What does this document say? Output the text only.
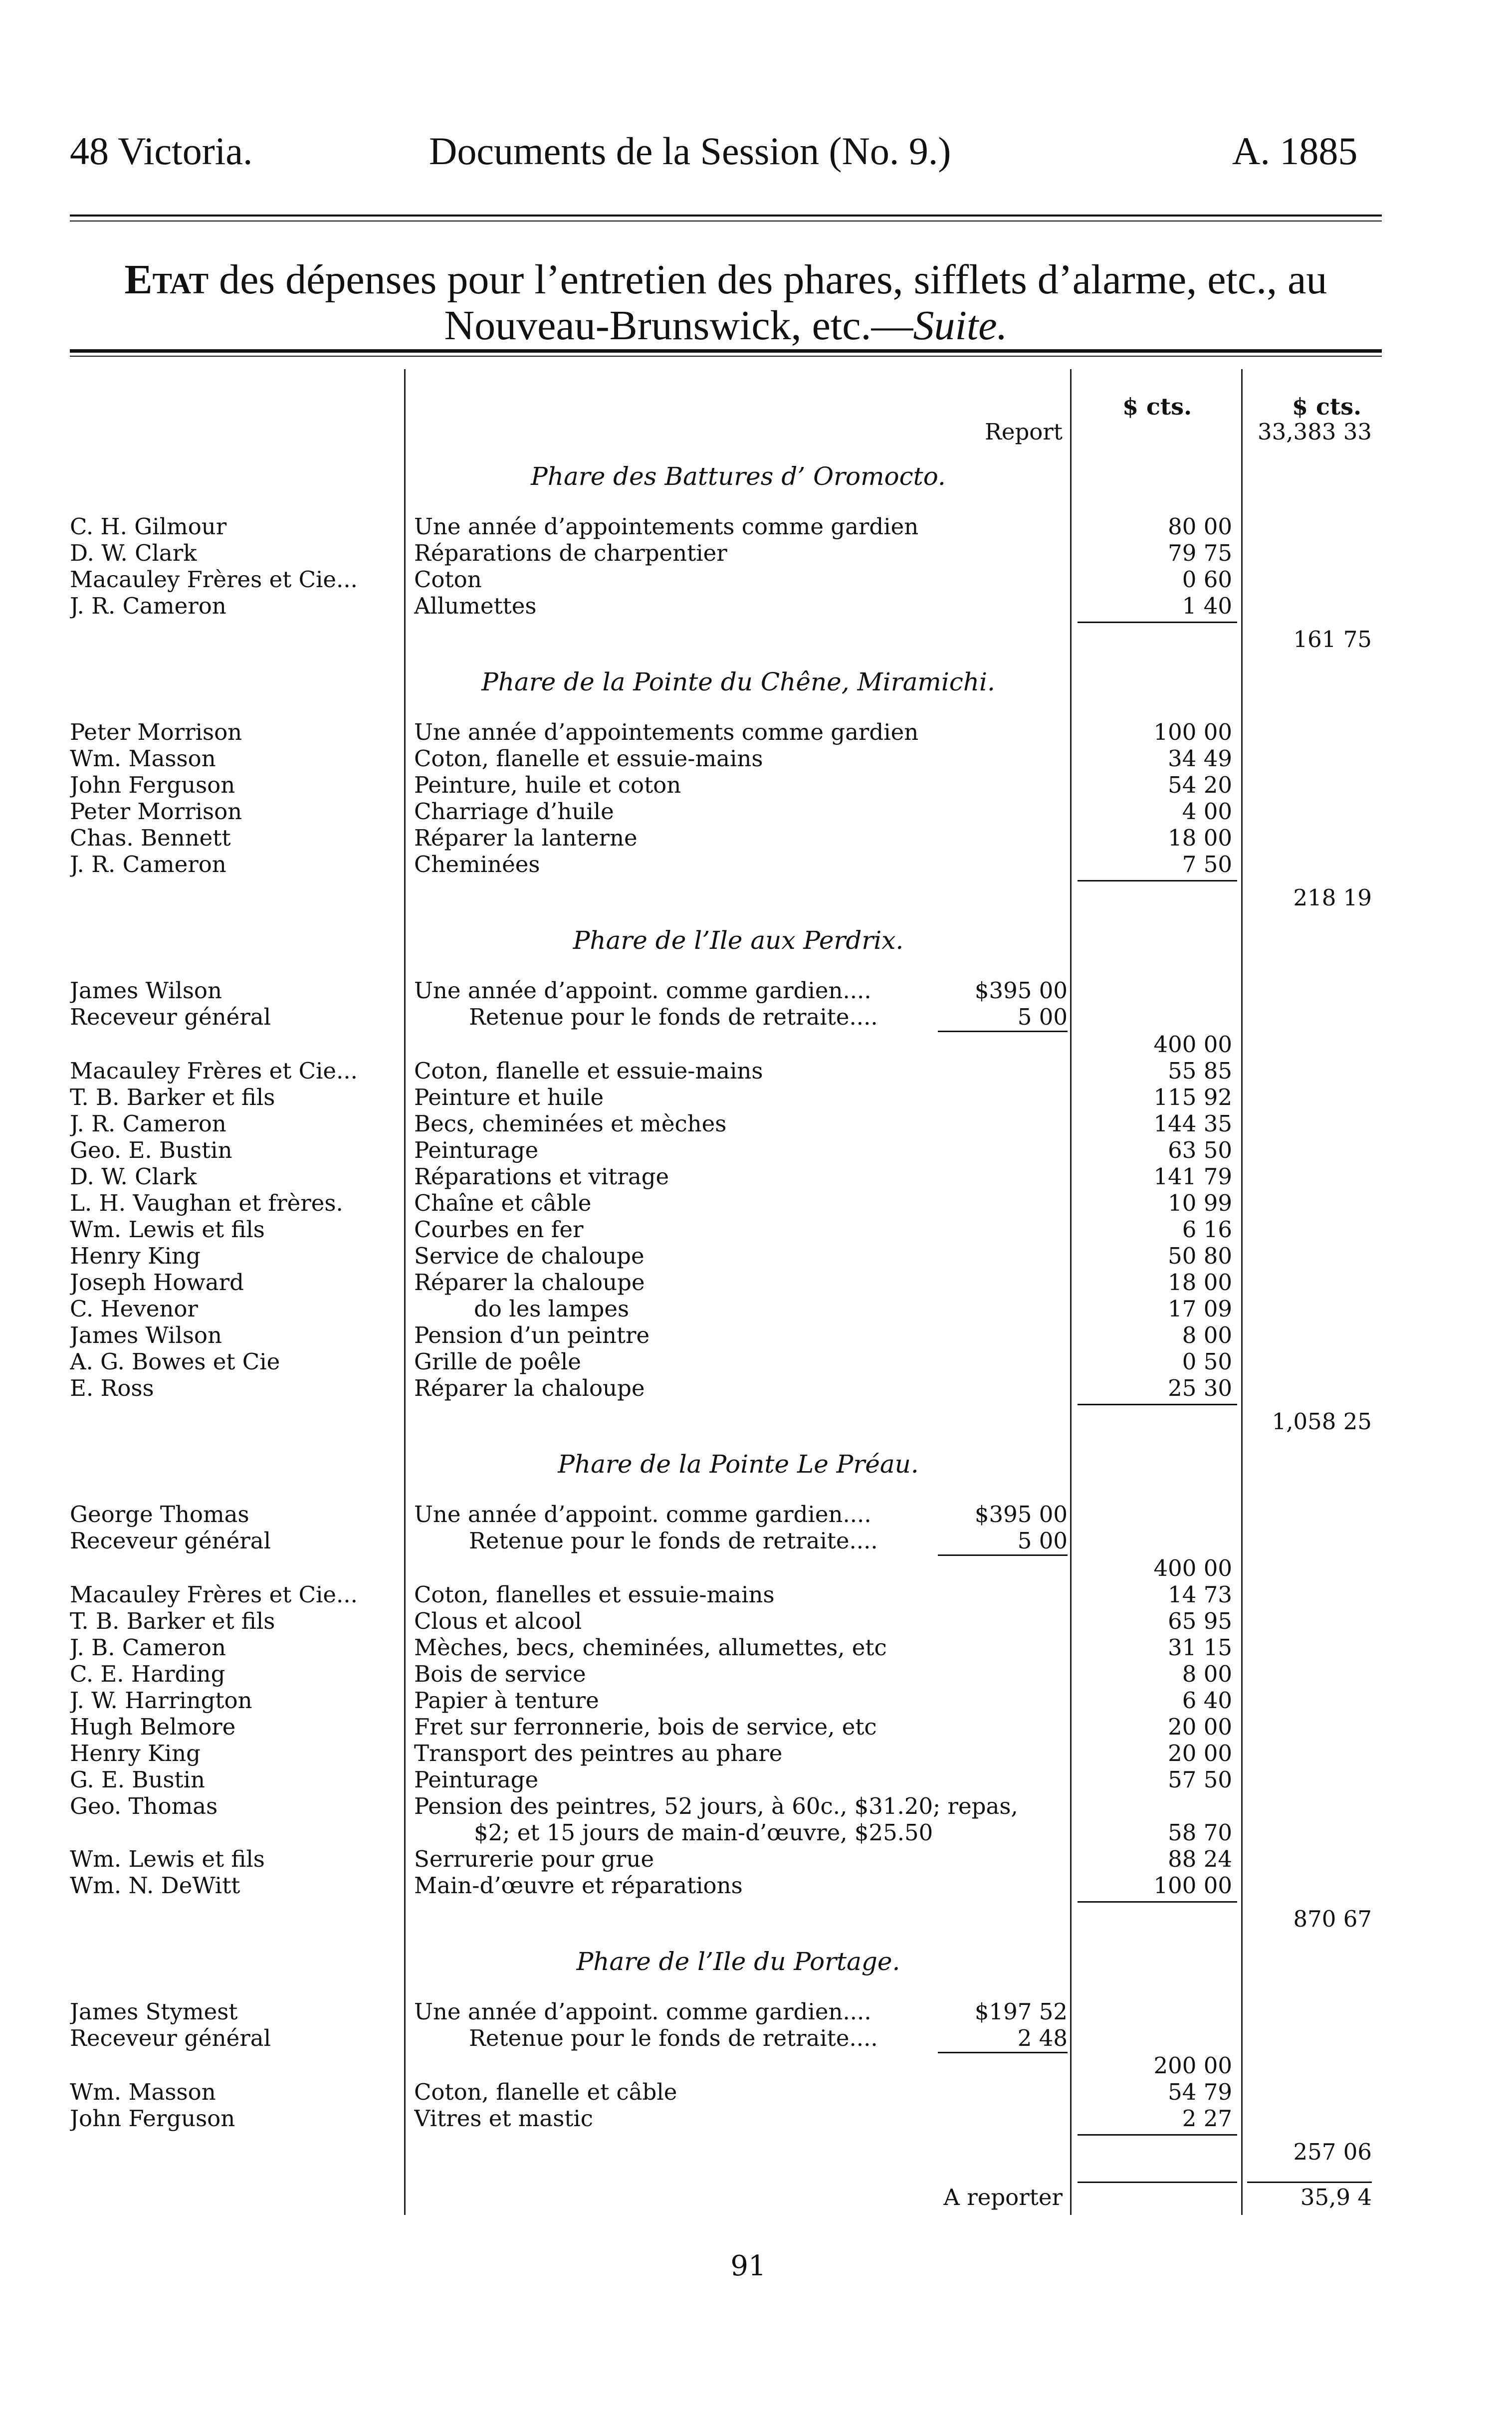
48 Victoria.	Documents de la Session (No. 9.)	A. 1885
Etat des dépenses pour l’entretien des phares, sifflets d’alarme, etc., au
Nouveau-Brunswick, etc.—Suite.
$ cts.	$ cts.
Report	33,383 33
Phare des Battures d’ Oromocto.
C. H. Gilmour	Une année d’appointements comme gardien	80 00
D. W. Clark	Réparations de charpentier	79 75
Macauley Frères et Cie...	Coton	0 60
J. R. Cameron	Allumettes	1 40
161 75
Phare de la Pointe du Chêne, Miramichi.
Peter Morrison	Une année d’appointements comme gardien	100 00
Wm. Masson	Coton, flanelle et essuie-mains	34 49
John Ferguson	Peinture, huile et coton	54 20
Peter Morrison	Charriage d’huile	4 00
Chas. Bennett	Réparer la lanterne	18 00
J. R. Cameron	Cheminées	7 50
218 19
Phare de l’Ile aux Perdrix.
James Wilson	Une année d’appoint. comme gardien....	$395 00
Receveur général	Retenue pour le fonds de retraite....	5 00
400 00
Macauley Frères et Cie...	Coton, flanelle et essuie-mains	55 85
T. B. Barker et fils	Peinture et huile	115 92
J. R. Cameron	Becs, cheminées et mèches	144 35
Geo. E. Bustin	Peinturage	63 50
D. W. Clark	Réparations et vitrage	141 79
L. H. Vaughan et frères.	Chaîne et câble	10 99
Wm. Lewis et fils	Courbes en fer	6 16
Henry King	Service de chaloupe	50 80
Joseph Howard	Réparer la chaloupe	18 00
C. Hevenor	do les lampes	17 09
James Wilson	Pension d’un peintre	8 00
A. G. Bowes et Cie	Grille de poêle	0 50
E. Ross	Réparer la chaloupe	25 30
1,058 25
Phare de la Pointe Le Préau.
George Thomas	Une année d’appoint. comme gardien....	$395 00
Receveur général	Retenue pour le fonds de retraite....	5 00
400 00
Macauley Frères et Cie...	Coton, flanelles et essuie-mains	14 73
T. B. Barker et fils	Clous et alcool	65 95
J. B. Cameron	Mèches, becs, cheminées, allumettes, etc	31 15
C. E. Harding	Bois de service	8 00
J. W. Harrington	Papier à tenture	6 40
Hugh Belmore	Fret sur ferronnerie, bois de service, etc	20 00
Henry King	Transport des peintres au phare	20 00
G. E. Bustin	Peinturage	57 50
Geo. Thomas	Pension des peintres, 52 jours, à 60c., $31.20; repas,
$2; et 15 jours de main-d’œuvre, $25.50	58 70
Wm. Lewis et fils	Serrurerie pour grue	88 24
Wm. N. DeWitt	Main-d’œuvre et réparations	100 00
870 67
Phare de l’Ile du Portage.
James Stymest	Une année d’appoint. comme gardien....	$197 52
Receveur général	Retenue pour le fonds de retraite....	2 48
200 00
Wm. Masson	Coton, flanelle et câble	54 79
John Ferguson	Vitres et mastic	2 27
257 06
A reporter	35,9 4
91
